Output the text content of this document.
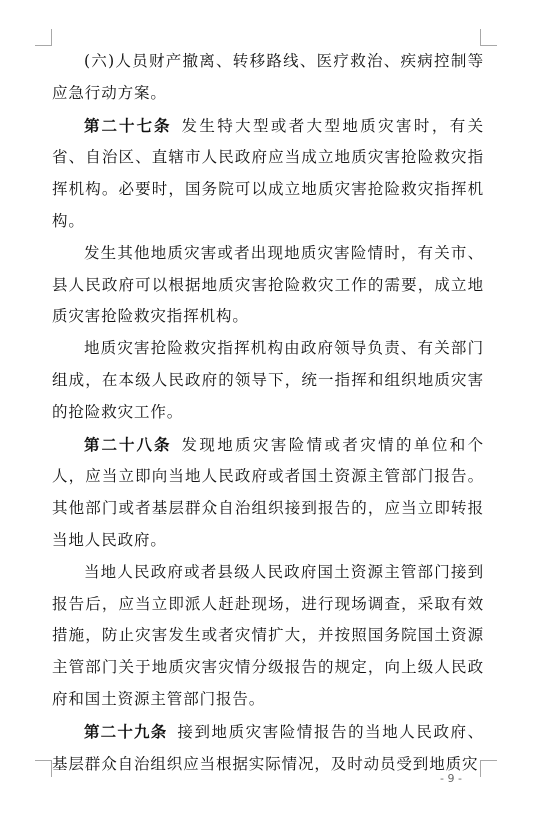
(六)人员财产撤离、转移路线、医疗救治、疾病控制等应急行动方案。

第二十七条 发生特大型或者大型地质灾害时，有关省、自治区、直辖市人民政府应当成立地质灾害抢险救灾指挥机构。必要时，国务院可以成立地质灾害抢险救灾指挥机构。

发生其他地质灾害或者出现地质灾害险情时，有关市、县人民政府可以根据地质灾害抢险救灾工作的需要，成立地质灾害抢险救灾指挥机构。

地质灾害抢险救灾指挥机构由政府领导负责、有关部门组成，在本级人民政府的领导下，统一指挥和组织地质灾害的抢险救灾工作。

第二十八条 发现地质灾害险情或者灾情的单位和个人，应当立即向当地人民政府或者国土资源主管部门报告。其他部门或者基层群众自治组织接到报告的，应当立即转报当地人民政府。

当地人民政府或者县级人民政府国土资源主管部门接到报告后，应当立即派人赶赴现场，进行现场调查，采取有效措施，防止灾害发生或者灾情扩大，并按照国务院国土资源主管部门关于地质灾害灾情分级报告的规定，向上级人民政府和国土资源主管部门报告。

第二十九条 接到地质灾害险情报告的当地人民政府、基层群众自治组织应当根据实际情况，及时动员受到地质灾

- 9 -
